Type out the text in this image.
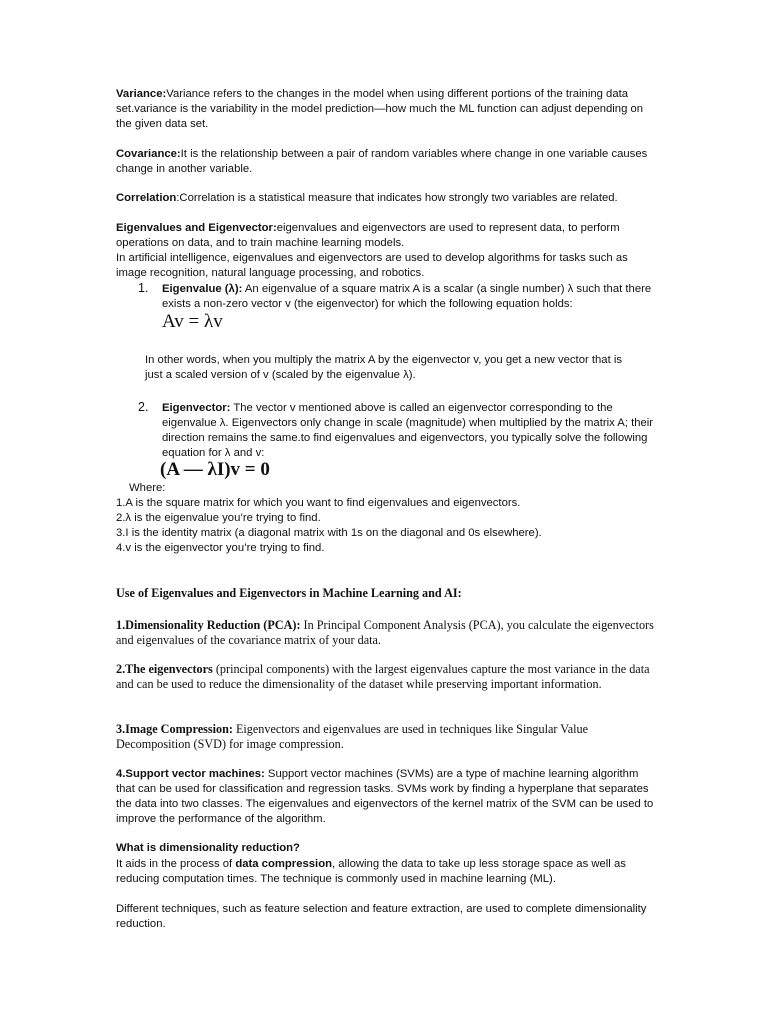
Variance:Variance refers to the changes in the model when using different portions of the training data set.variance is the variability in the model prediction—how much the ML function can adjust depending on the given data set.
Covariance:It is the relationship between a pair of random variables where change in one variable causes change in another variable.
Correlation:Correlation is a statistical measure that indicates how strongly two variables are related.

Eigenvalues and Eigenvector:eigenvalues and eigenvectors are used to represent data, to perform operations on data, and to train machine learning models.

In artificial intelligence, eigenvalues and eigenvectors are used to develop algorithms for tasks such as image recognition, natural language processing, and robotics.

1. Eigenvalue (λ): An eigenvalue of a square matrix A is a scalar (a single number) λ such that there exists a non-zero vector v (the eigenvector) for which the following equation holds:
Av = λv
In other words, when you multiply the matrix A by the eigenvector v, you get a new vector that is just a scaled version of v (scaled by the eigenvalue λ).
2. Eigenvector: The vector v mentioned above is called an eigenvector corresponding to the eigenvalue λ. Eigenvectors only change in scale (magnitude) when multiplied by the matrix A; their direction remains the same.to find eigenvalues and eigenvectors, you typically solve the following equation for λ and v:
(A — λI)v = 0
Where:

1.A is the square matrix for which you want to find eigenvalues and eigenvectors.

2.λ is the eigenvalue you’re trying to find.

3.I is the identity matrix (a diagonal matrix with 1s on the diagonal and 0s elsewhere).

4.v is the eigenvector you’re trying to find.

Use of Eigenvalues and Eigenvectors in Machine Learning and AI:
1.Dimensionality Reduction (PCA): In Principal Component Analysis (PCA), you calculate the eigenvectors and eigenvalues of the covariance matrix of your data.
2.The eigenvectors (principal components) with the largest eigenvalues capture the most variance in the data and can be used to reduce the dimensionality of the dataset while preserving important information.
3.Image Compression: Eigenvectors and eigenvalues are used in techniques like Singular Value Decomposition (SVD) for image compression.
4.Support vector machines: Support vector machines (SVMs) are a type of machine learning algorithm that can be used for classification and regression tasks. SVMs work by finding a hyperplane that separates the data into two classes. The eigenvalues and eigenvectors of the kernel matrix of the SVM can be used to improve the performance of the algorithm.
What is dimensionality reduction?
It aids in the process of data compression, allowing the data to take up less storage space as well as reducing computation times. The technique is commonly used in machine learning (ML).
Different techniques, such as feature selection and feature extraction, are used to complete dimensionality reduction.
